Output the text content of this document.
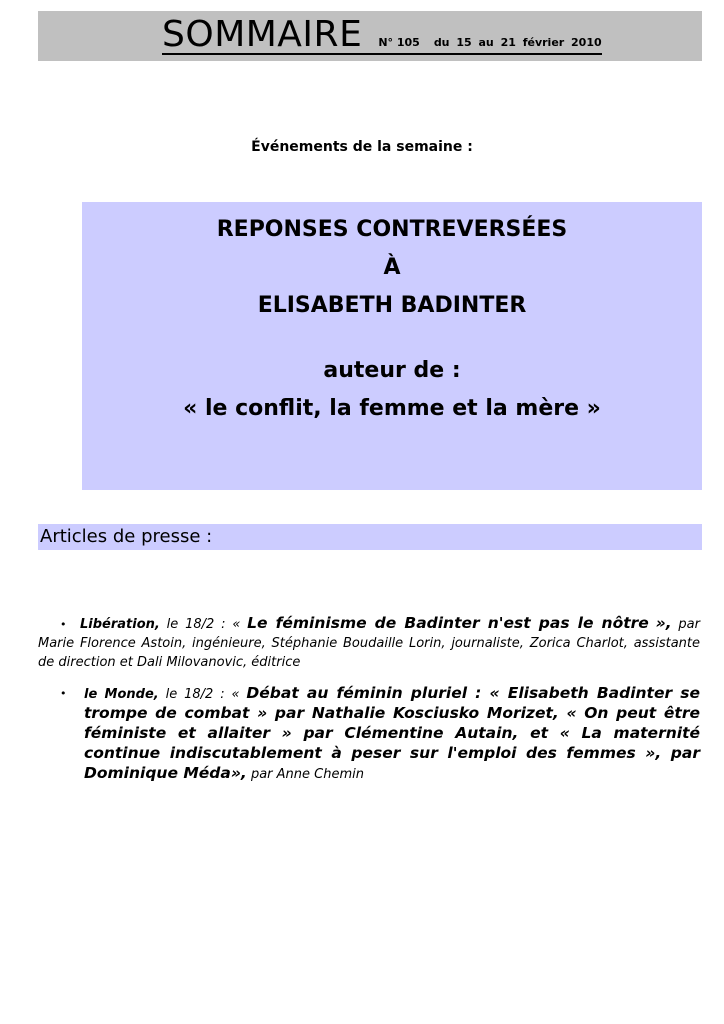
SOMMAIRE N° 105 du 15 au 21 février 2010
Événements de la semaine :
REPONSES CONTREVERSÉES
À
ELISABETH BADINTER
auteur de :
« le conflit, la femme et la mère »
Articles de presse :
• Libération, le 18/2 : « Le féminisme de Badinter n'est pas le nôtre », par Marie Florence Astoin, ingénieure, Stéphanie Boudaille Lorin, journaliste, Zorica Charlot, assistante de direction et Dali Milovanovic, éditrice
•	le Monde, le 18/2 : « Débat au féminin pluriel : « Elisabeth Badinter se trompe de combat » par Nathalie Kosciusko Morizet, « On peut être féministe et allaiter » par Clémentine Autain, et « La maternité continue indiscutablement à peser sur l'emploi des femmes », par Dominique Méda», par Anne Chemin
